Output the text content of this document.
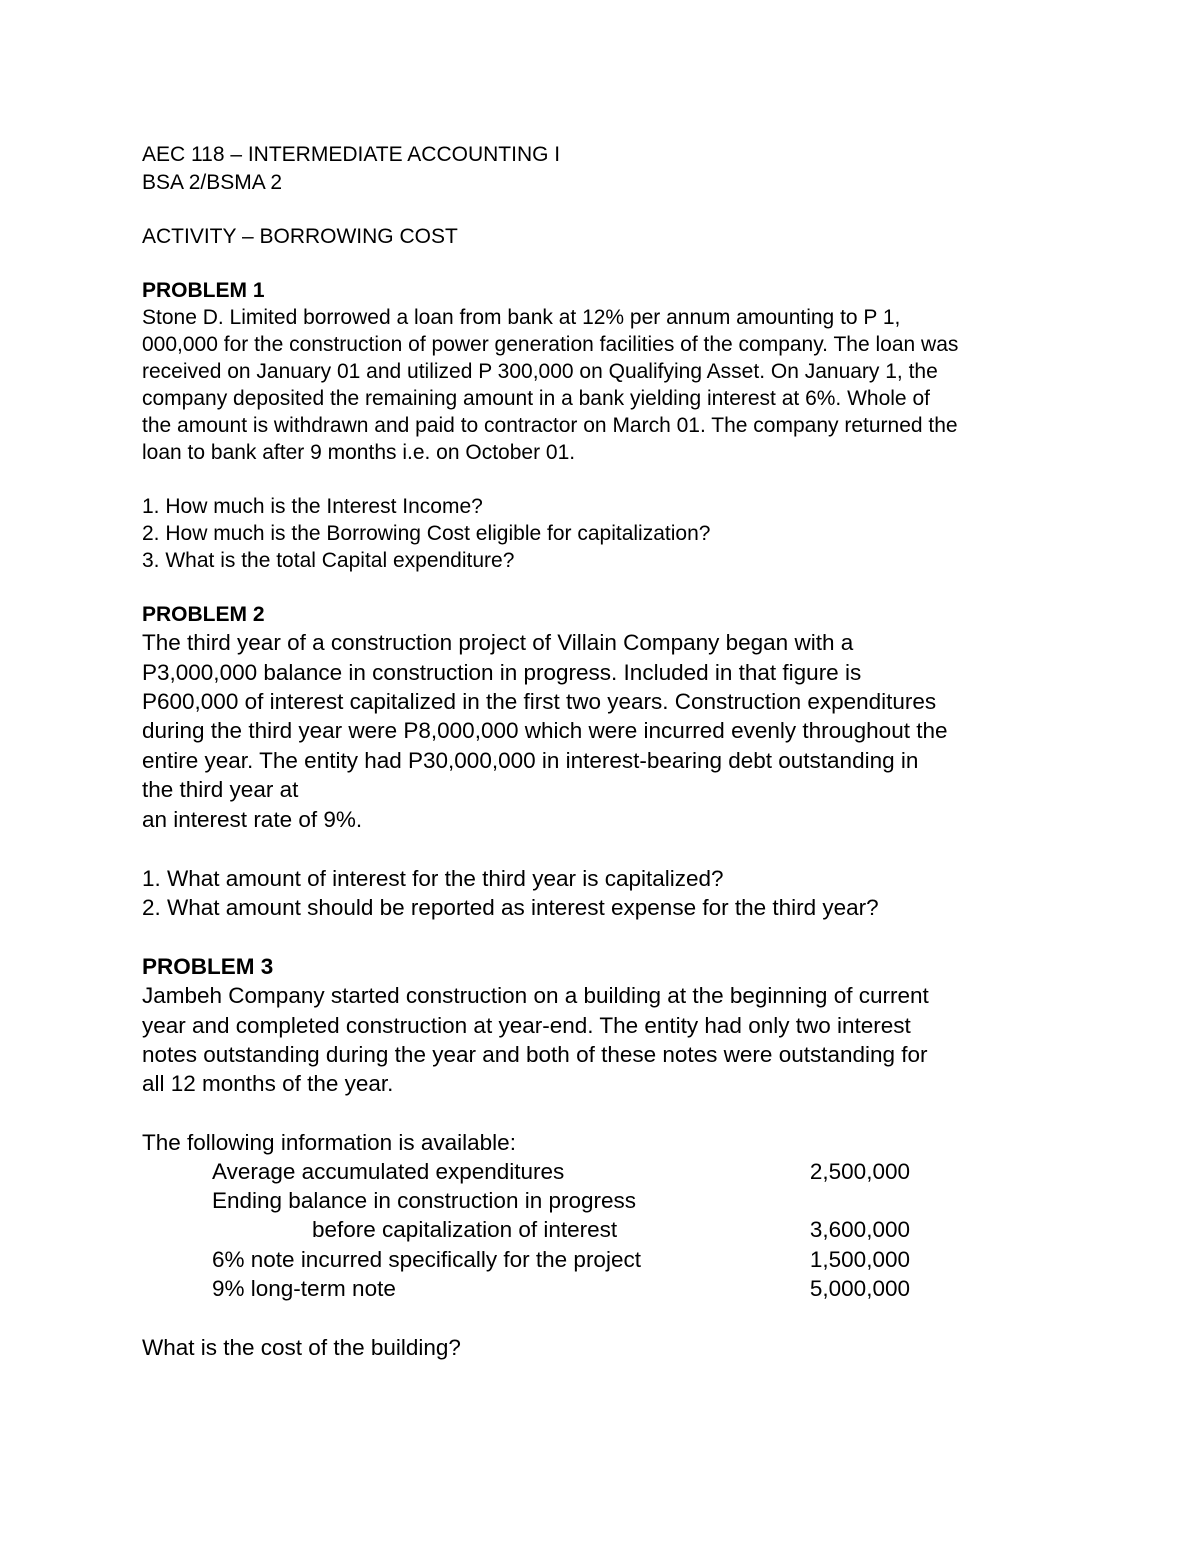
AEC 118 – INTERMEDIATE ACCOUNTING I
BSA 2/BSMA 2
ACTIVITY – BORROWING COST
PROBLEM 1
Stone D. Limited borrowed a loan from bank at 12% per annum amounting to P 1,
000,000 for the construction of power generation facilities of the company. The loan was
received on January 01 and utilized P 300,000 on Qualifying Asset. On January 1, the
company deposited the remaining amount in a bank yielding interest at 6%. Whole of
the amount is withdrawn and paid to contractor on March 01. The company returned the
loan to bank after 9 months i.e. on October 01.
1. How much is the Interest Income?
2. How much is the Borrowing Cost eligible for capitalization?
3. What is the total Capital expenditure?
PROBLEM 2
The third year of a construction project of Villain Company began with a
P3,000,000 balance in construction in progress. Included in that figure is
P600,000 of interest capitalized in the first two years. Construction expenditures
during the third year were P8,000,000 which were incurred evenly throughout the
entire year. The entity had P30,000,000 in interest-bearing debt outstanding in
the third year at
an interest rate of 9%.
1. What amount of interest for the third year is capitalized?
2. What amount should be reported as interest expense for the third year?
PROBLEM 3
Jambeh Company started construction on a building at the beginning of current
year and completed construction at year-end. The entity had only two interest
notes outstanding during the year and both of these notes were outstanding for
all 12 months of the year.
The following information is available:
Average accumulated expenditures	2,500,000
Ending balance in construction in progress
before capitalization of interest	3,600,000
6% note incurred specifically for the project	1,500,000
9% long-term note	5,000,000
What is the cost of the building?
